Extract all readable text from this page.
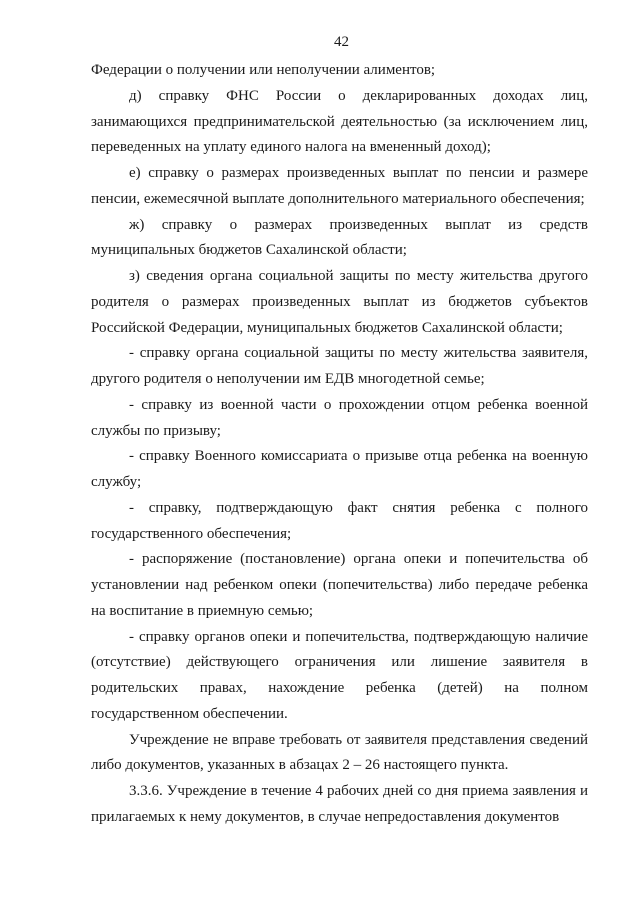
42

Федерации о получении или неполучении алиментов;

д) справку ФНС России о декларированных доходах лиц, занимающихся предпринимательской деятельностью (за исключением лиц, переведенных на уплату единого налога на вмененный доход);

е) справку о размерах произведенных выплат по пенсии и размере пенсии, ежемесячной выплате дополнительного материального обеспечения;

ж) справку о размерах произведенных выплат из средств муниципальных бюджетов Сахалинской области;

з) сведения органа социальной защиты по месту жительства другого родителя о размерах произведенных выплат из бюджетов субъектов Российской Федерации, муниципальных бюджетов Сахалинской области;

- справку органа социальной защиты по месту жительства заявителя, другого родителя о неполучении им ЕДВ многодетной семье;

- справку из военной части о прохождении отцом ребенка военной службы по призыву;

- справку Военного комиссариата о призыве отца ребенка на военную службу;

- справку, подтверждающую факт снятия ребенка с полного государственного обеспечения;

- распоряжение (постановление) органа опеки и попечительства об установлении над ребенком опеки (попечительства) либо передаче ребенка на воспитание в приемную семью;

- справку органов опеки и попечительства, подтверждающую наличие (отсутствие) действующего ограничения или лишение заявителя в родительских правах, нахождение ребенка (детей) на полном государственном обеспечении.

Учреждение не вправе требовать от заявителя представления сведений либо документов, указанных в абзацах 2 – 26 настоящего пункта.

3.3.6. Учреждение в течение 4 рабочих дней со дня приема заявления и прилагаемых к нему документов, в случае непредоставления документов
